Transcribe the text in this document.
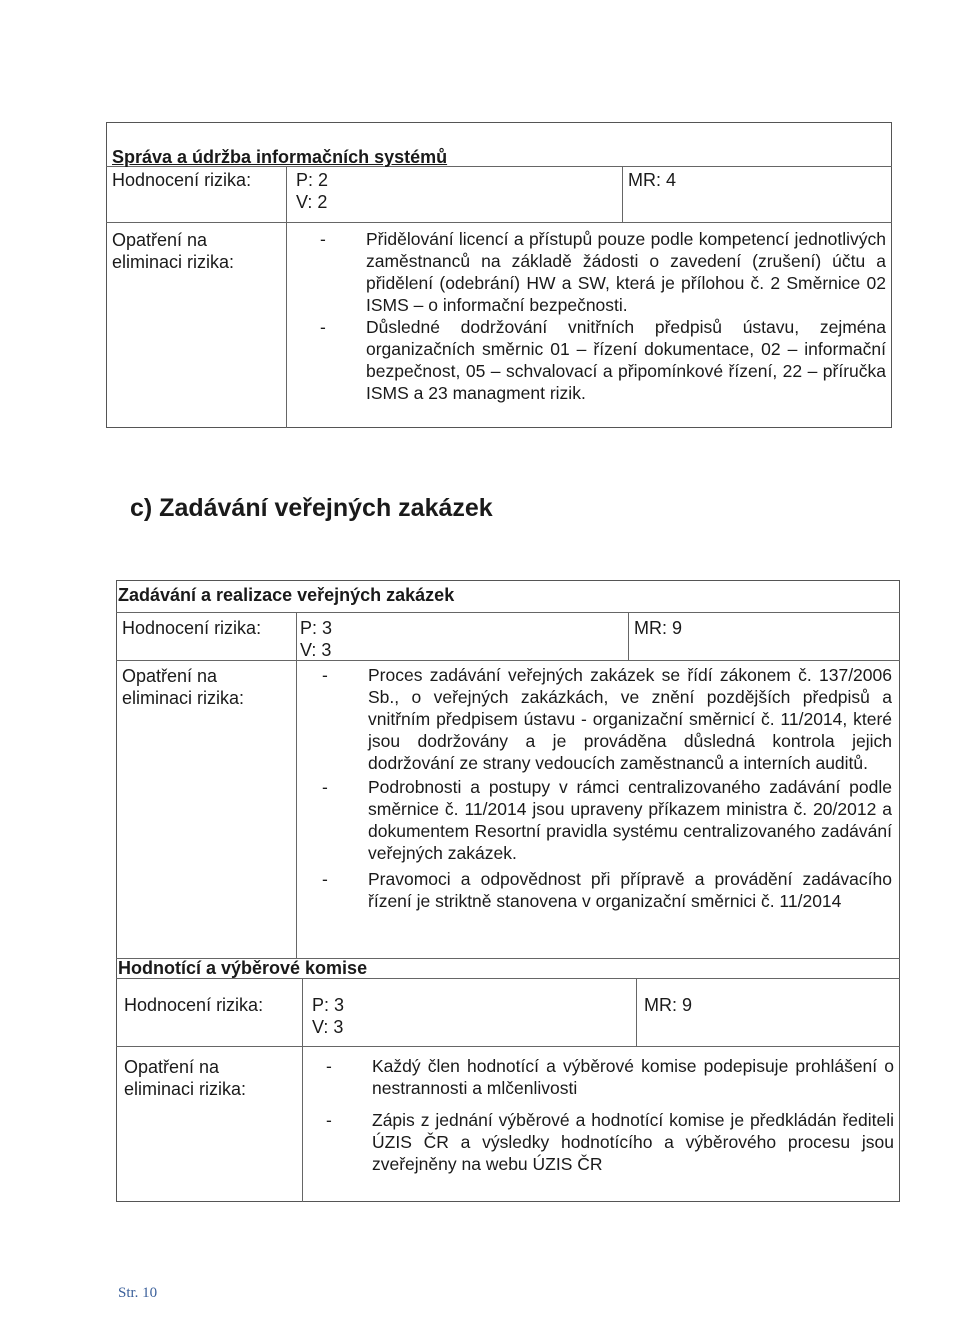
Správa a údržba informačních systémů
Hodnocení rizika: P: 2
V: 2
MR: 4
Opatření na
eliminaci rizika:
- Přidělování licencí a přístupů pouze podle kompetencí jednotlivých zaměstnanců na základě žádosti o zavedení (zrušení) účtu a přidělení (odebrání) HW a SW, která je přílohou č. 2 Směrnice 02 ISMS – o informační bezpečnosti.
- Důsledné dodržování vnitřních předpisů ústavu, zejména organizačních směrnic 01 – řízení dokumentace, 02 – informační bezpečnost, 05 – schvalovací a připomínkové řízení, 22 – příručka ISMS a 23 managment rizik.
c) Zadávání veřejných zakázek
Zadávání a realizace veřejných zakázek
Hodnocení rizika: P: 3
V: 3
MR: 9
Opatření na
eliminaci rizika:
- Proces zadávání veřejných zakázek se řídí zákonem č. 137/2006 Sb., o veřejných zakázkách, ve znění pozdějších předpisů a vnitřním předpisem ústavu - organizační směrnicí č. 11/2014, které jsou dodržovány a je prováděna důsledná kontrola jejich dodržování ze strany vedoucích zaměstnanců a interních auditů.
- Podrobnosti a postupy v rámci centralizovaného zadávání podle směrnice č. 11/2014 jsou upraveny příkazem ministra č. 20/2012 a dokumentem Resortní pravidla systému centralizovaného zadávání veřejných zakázek.
- Pravomoci a odpovědnost při přípravě a provádění zadávacího řízení je striktně stanovena v organizační směrnici č. 11/2014
Hodnotící a výběrové komise
Hodnocení rizika:	P: 3
V: 3
MR: 9
Opatření na
eliminaci rizika:
- Každý člen hodnotící a výběrové komise podepisuje prohlášení o nestrannosti a mlčenlivosti
- Zápis z jednání výběrové a hodnotící komise je předkládán řediteli ÚZIS ČR a výsledky hodnotícího a výběrového procesu jsou zveřejněny na webu ÚZIS ČR
Str. 10
